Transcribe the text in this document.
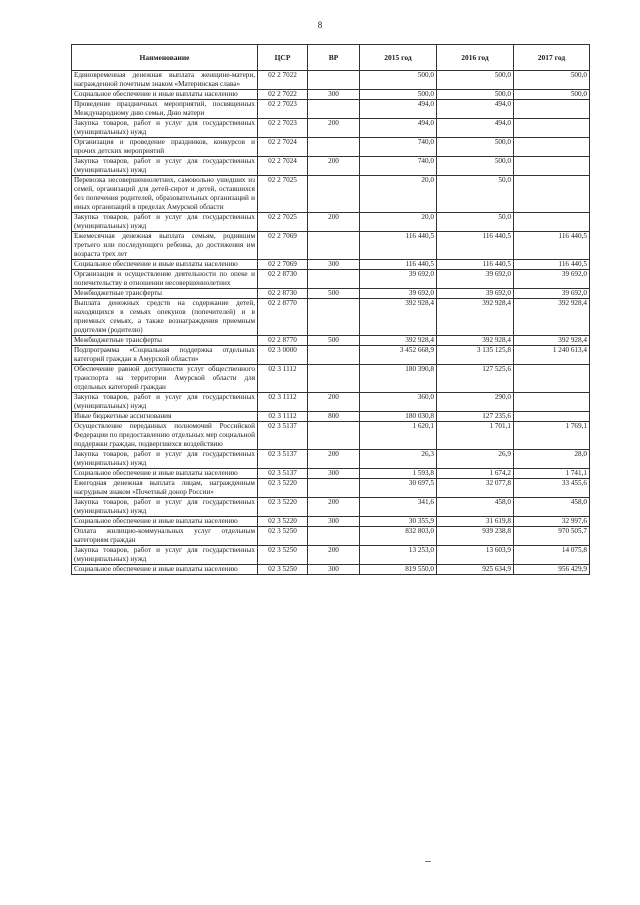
8
Наименование	ЦСР	ВР	2015 год	2016 год	2017 год
Единовременная денежная выплата женщине-матери, награжденной почетным знаком «Материнская слава»	02 2 7022		500,0	500,0	500,0
Социальное обеспечение и иные выплаты населению	02 2 7022	300	500,0	500,0	500,0
Проведение праздничных мероприятий, посвященных Международному дню семьи, Дню матери	02 2 7023		494,0	494,0	
Закупка товаров, работ и услуг для государственных (муниципальных) нужд	02 2 7023	200	494,0	494,0	
Организация и проведение праздников, конкурсов и прочих детских мероприятий	02 2 7024		740,0	500,0	
Закупка товаров, работ и услуг для государственных (муниципальных) нужд	02 2 7024	200	740,0	500,0	
Перевозка несовершеннолетних, самовольно ушедших из семей, организаций для детей-сирот и детей, оставшихся без попечения родителей, образовательных организаций и иных организаций в пределах Амурской области	02 2 7025		20,0	50,0	
Закупка товаров, работ и услуг для государственных (муниципальных) нужд	02 2 7025	200	20,0	50,0	
Ежемесячная денежная выплата семьям, родившим третьего или последующего ребенка, до достижения им возраста трех лет	02 2 7069		116 440,5	116 440,5	116 440,5
Социальное обеспечение и иные выплаты населению	02 2 7069	300	116 440,5	116 440,5	116 440,5
Организация и осуществление деятельности по опеке и попечительству в отношении несовершеннолетних	02 2 8730		39 692,0	39 692,0	39 692,0
Межбюджетные трансферты	02 2 8730	500	39 692,0	39 692,0	39 692,0
Выплата денежных средств на содержание детей, находящихся в семьях опекунов (попечителей) и в приемных семьях, а также вознаграждения приемным родителям (родителю)	02 2 8770		392 928,4	392 928,4	392 928,4
Межбюджетные трансферты	02 2 8770	500	392 928,4	392 928,4	392 928,4
Подпрограмма «Социальная поддержка отдельных категорий граждан в Амурской области»	02 3 0000		3 452 668,9	3 135 125,8	1 240 613,4
Обеспечение равной доступности услуг общественного транспорта на территории Амурской области для отдельных категорий граждан	02 3 1112		180 390,8	127 525,6	
Закупка товаров, работ и услуг для государственных (муниципальных) нужд	02 3 1112	200	360,0	290,0	
Иные бюджетные ассигнования	02 3 1112	800	180 030,8	127 235,6	
Осуществление переданных полномочий Российской Федерации по предоставлению отдельных мер социальной поддержки граждан, подвергшихся воздействию	02 3 5137		1 620,1	1 701,1	1 769,1
Закупка товаров, работ и услуг для государственных (муниципальных) нужд	02 3 5137	200	26,3	26,9	28,0
Социальное обеспечение и иные выплаты населению	02 3 5137	300	1 593,8	1 674,2	1 741,1
Ежегодная денежная выплата лицам, награжденным нагрудным знаком «Почетный донор России»	02 3 5220		30 697,5	32 077,8	33 455,6
Закупка товаров, работ и услуг для государственных (муниципальных) нужд	02 3 5220	200	341,6	458,0	458,0
Социальное обеспечение и иные выплаты населению	02 3 5220	300	30 355,9	31 619,8	32 997,6
Оплата жилищно-коммунальных услуг отдельным категориям граждан	02 3 5250		832 803,0	939 238,8	970 505,7
Закупка товаров, работ и услуг для государственных (муниципальных) нужд	02 3 5250	200	13 253,0	13 603,9	14 075,8
Социальное обеспечение и иные выплаты населению	02 3 5250	300	819 550,0	925 634,9	956 429,9
